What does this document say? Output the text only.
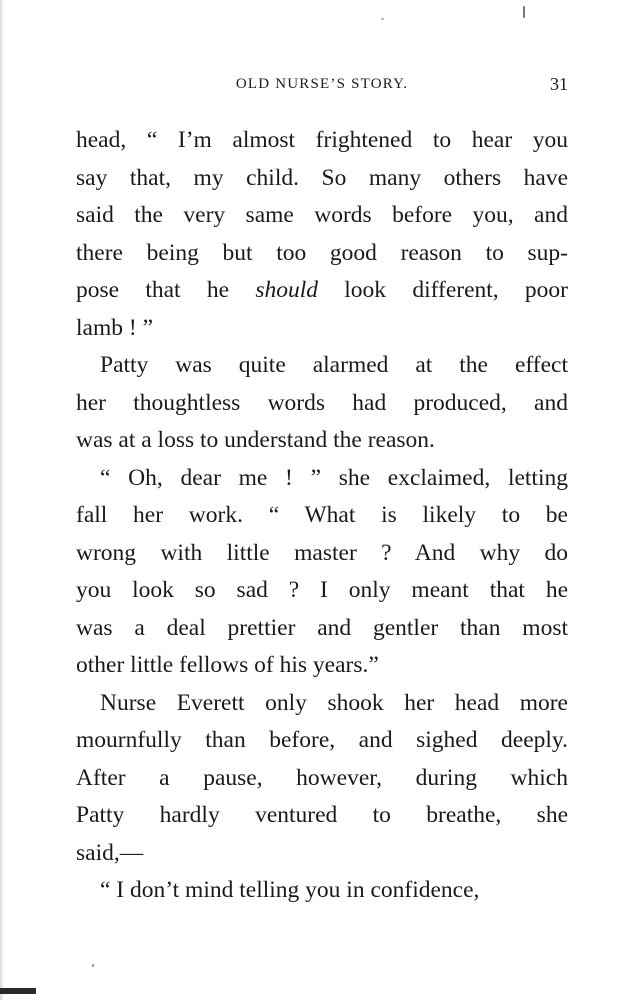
OLD NURSE’S STORY.	31
head, “ I’m almost frightened to hear you
say that, my child. So many others have
said the very same words before you, and
there being but too good reason to sup-
pose that he should look different, poor
lamb ! ”
Patty was quite alarmed at the effect
her thoughtless words had produced, and
was at a loss to understand the reason.
“ Oh, dear me ! ” she exclaimed, letting
fall her work. “ What is likely to be
wrong with little master ? And why do
you look so sad ? I only meant that he
was a deal prettier and gentler than most
other little fellows of his years.”
Nurse Everett only shook her head more
mournfully than before, and sighed deeply.
After a pause, however, during which
Patty hardly ventured to breathe, she
said,—
“ I don’t mind telling you in confidence,
